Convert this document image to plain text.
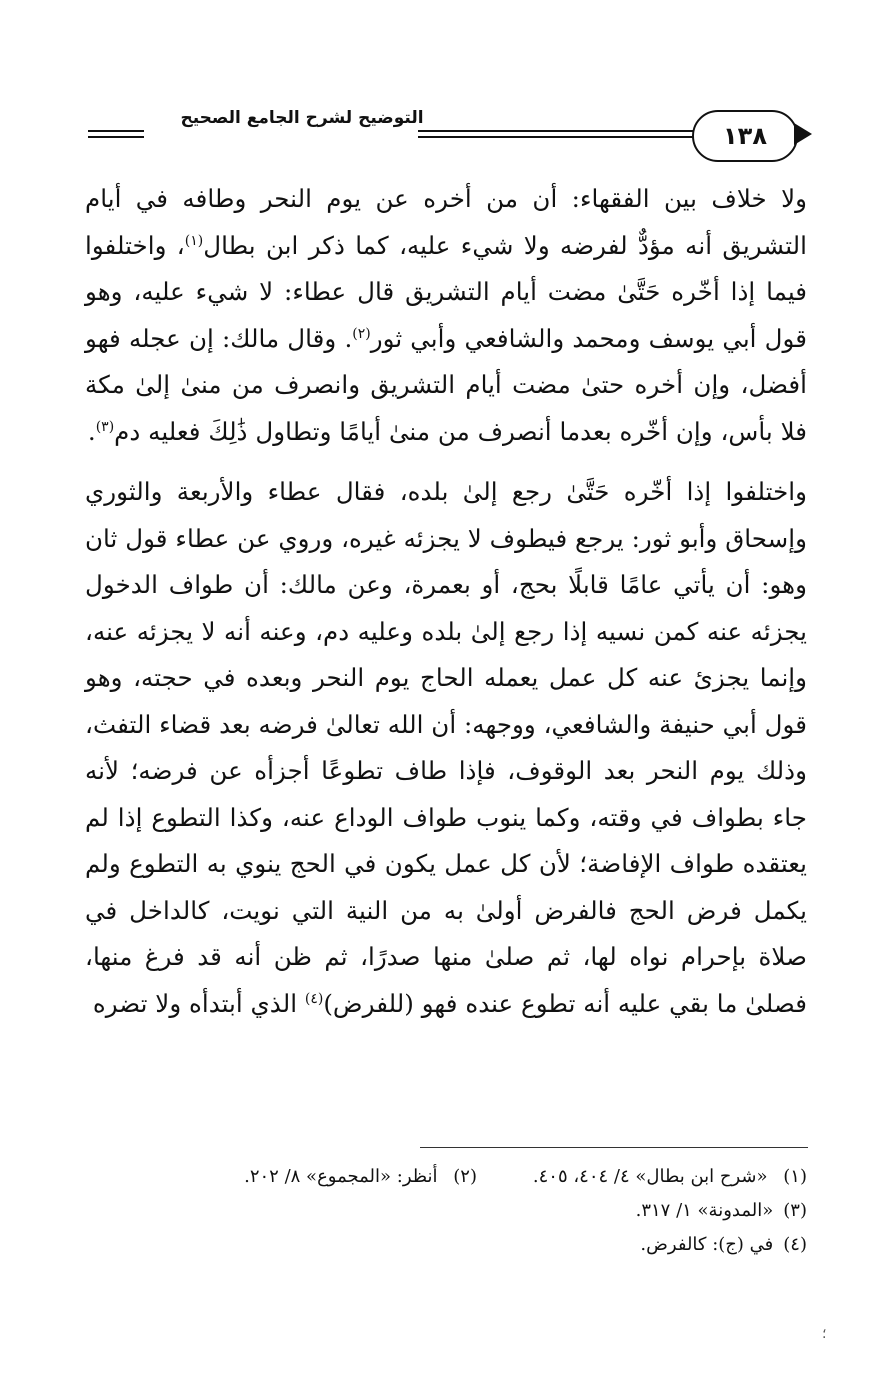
التوضيح لشرح الجامع الصحيح
١٣٨

ولا خلاف بين الفقهاء: أن من أخره عن يوم النحر وطافه في أيام التشريق أنه مؤدٌّ لفرضه ولا شيء عليه، كما ذكر ابن بطال$^{(١)}$، واختلفوا فيما إذا أخّره حَتَّىٰ مضت أيام التشريق قال عطاء: لا شيء عليه، وهو قول أبي يوسف ومحمد والشافعي وأبي ثور$^{(٢)}$. وقال مالك: إن عجله فهو أفضل، وإن أخره حتىٰ مضت أيام التشريق وانصرف من منىٰ إلىٰ مكة فلا بأس، وإن أخّره بعدما أنصرف من منىٰ أيامًا وتطاول ذَٰلِكَ فعليه دم$^{(٣)}$.

واختلفوا إذا أخّره حَتَّىٰ رجع إلىٰ بلده، فقال عطاء والأربعة والثوري وإسحاق وأبو ثور: يرجع فيطوف لا يجزئه غيره، وروي عن عطاء قول ثان وهو: أن يأتي عامًا قابلًا بحج، أو بعمرة، وعن مالك: أن طواف الدخول يجزئه عنه كمن نسيه إذا رجع إلىٰ بلده وعليه دم، وعنه أنه لا يجزئه عنه، وإنما يجزئ عنه كل عمل يعمله الحاج يوم النحر وبعده في حجته، وهو قول أبي حنيفة والشافعي، ووجهه: أن الله تعالىٰ فرضه بعد قضاء التفث، وذلك يوم النحر بعد الوقوف، فإذا طاف تطوعًا أجزأه عن فرضه؛ لأنه جاء بطواف في وقته، وكما ينوب طواف الوداع عنه، وكذا التطوع إذا لم يعتقده طواف الإفاضة؛ لأن كل عمل يكون في الحج ينوي به التطوع ولم يكمل فرض الحج فالفرض أولىٰ به من النية التي نويت، كالداخل في صلاة بإحرام نواه لها، ثم صلىٰ منها صدرًا، ثم ظن أنه قد فرغ منها، فصلىٰ ما بقي عليه أنه تطوع عنده فهو (للفرض)$^{(٤)}$ الذي أبتدأه ولا تضره

(١) «شرح ابن بطال» ٤/ ٤٠٤، ٤٠٥.
(٢) أنظر: «المجموع» ٨/ ٢٠٢.
(٣)
«المدونة» ١/ ٣١٧.
(٤)
في (ج): كالفرض.
؛
